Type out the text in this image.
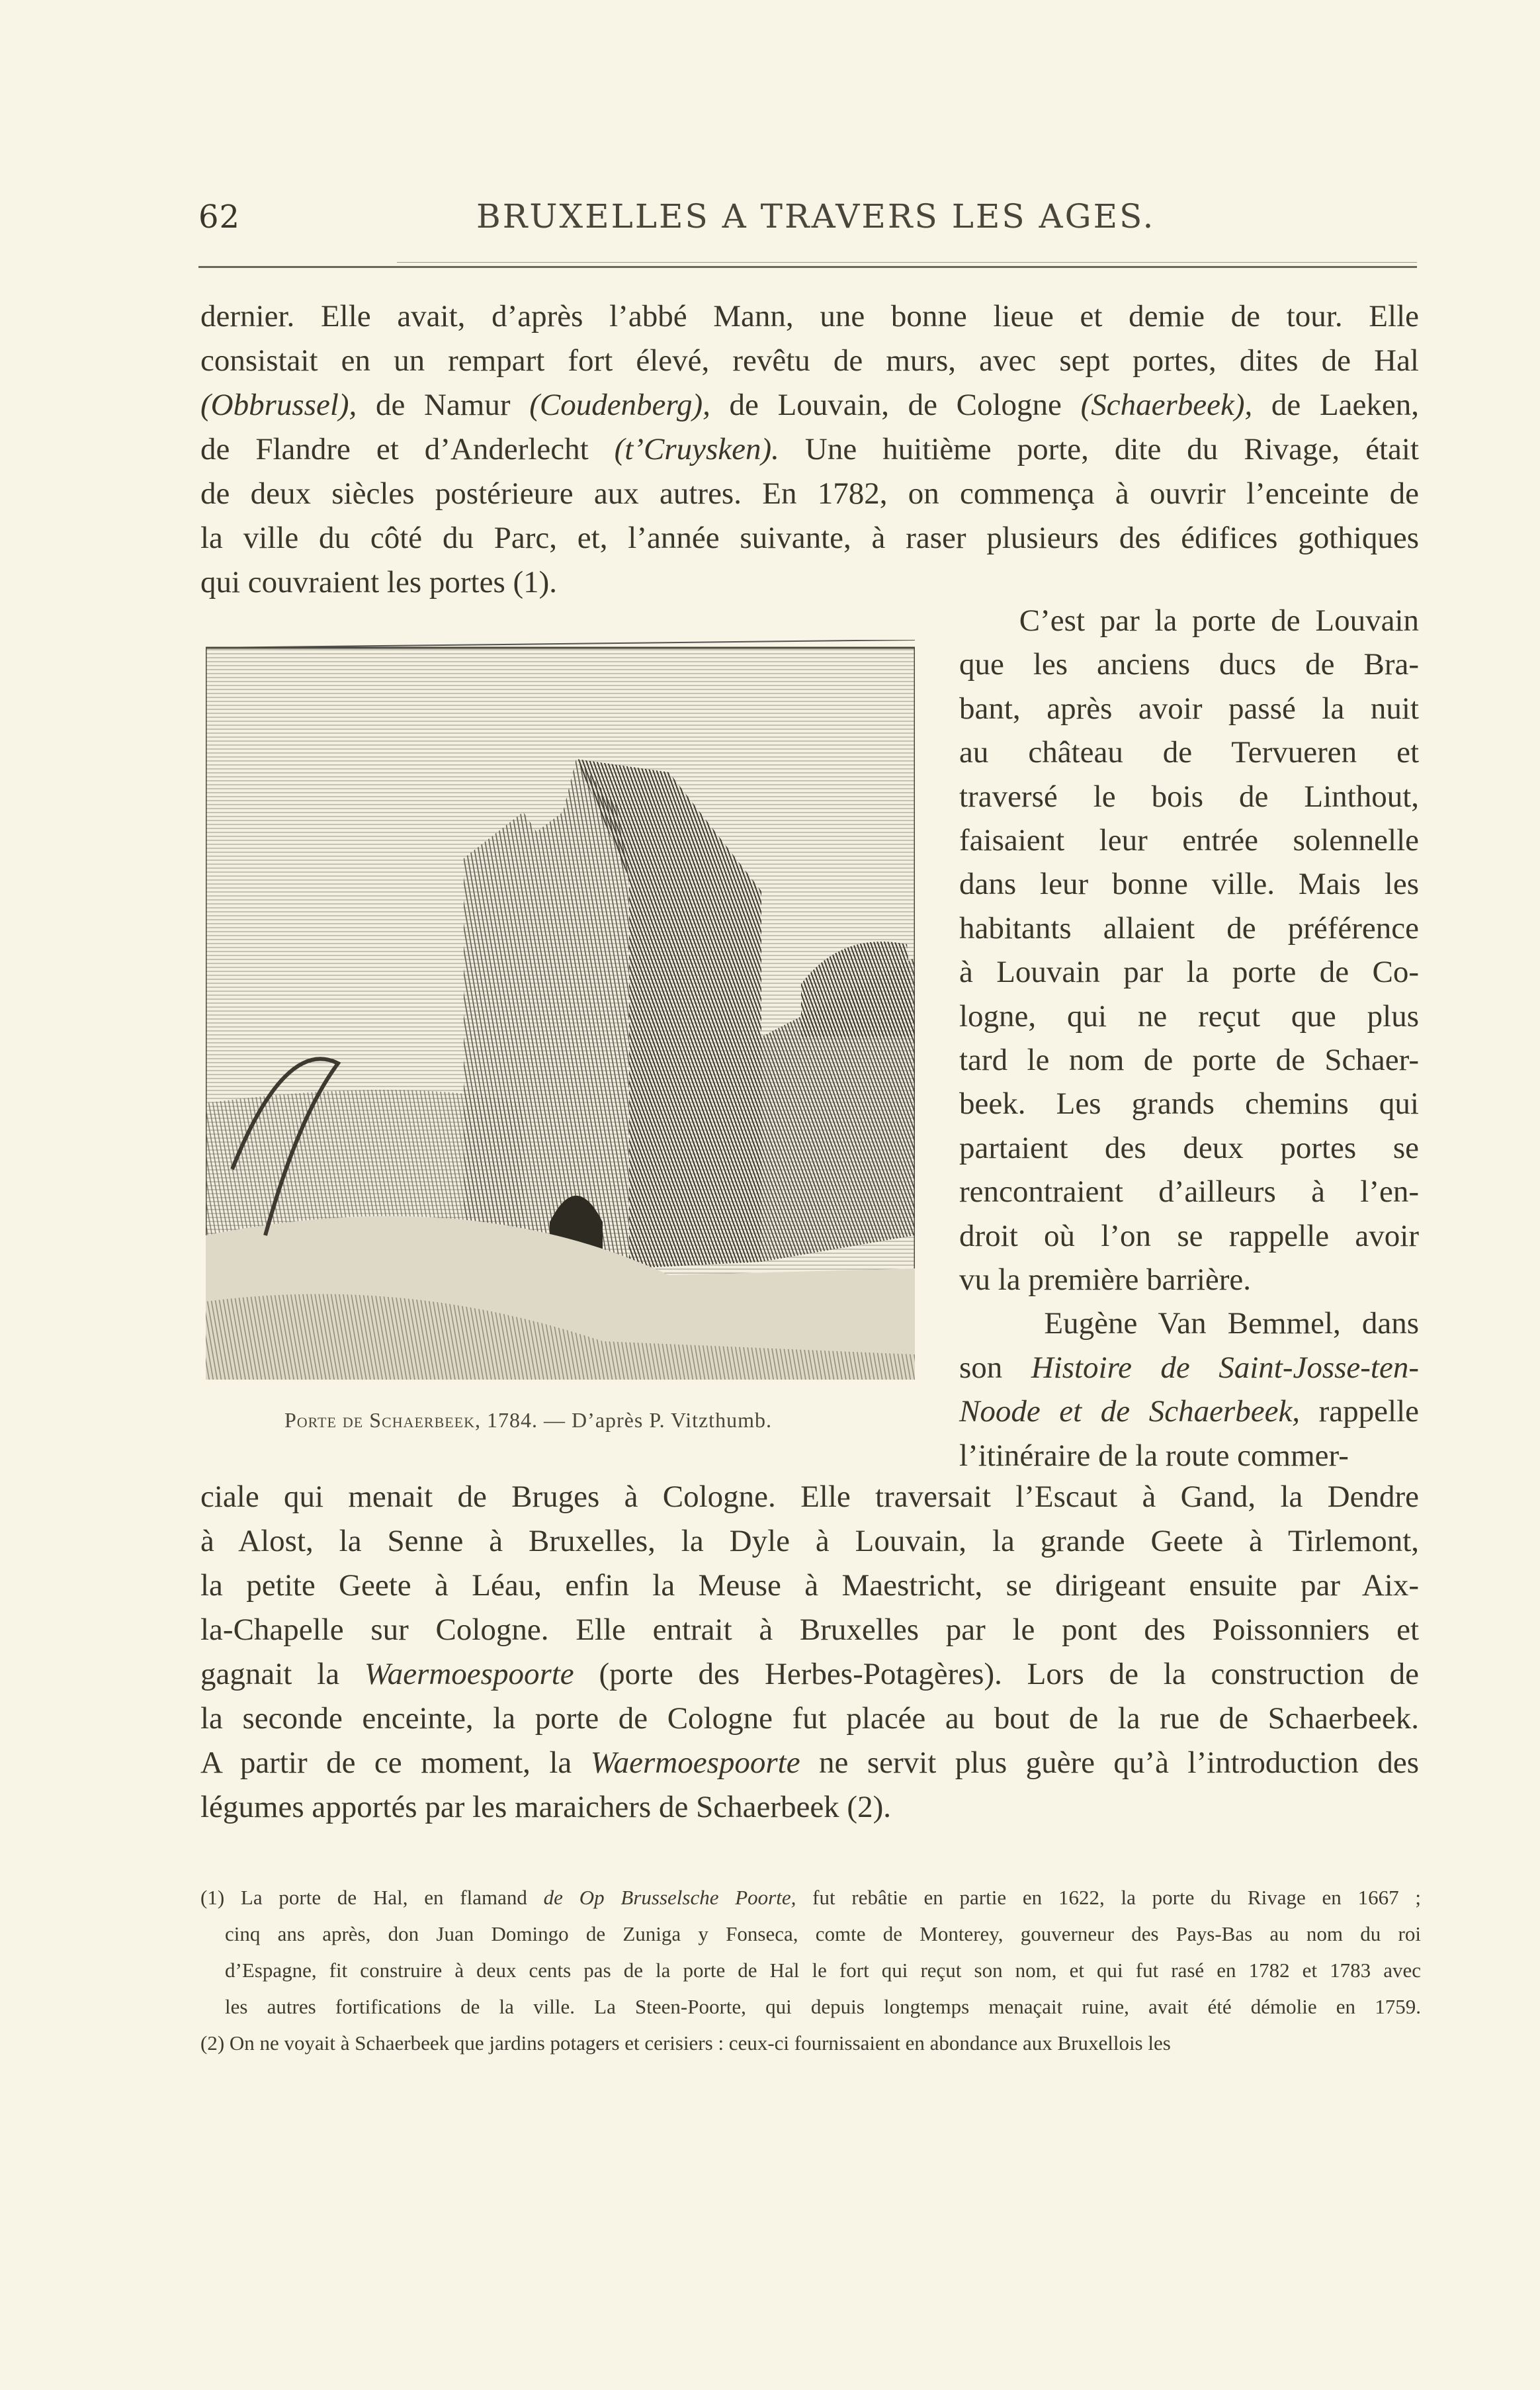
62	BRUXELLES A TRAVERS LES AGES.
dernier. Elle avait, d’après l’abbé Mann, une bonne lieue et demie de tour. Elle
consistait en un rempart fort élevé, revêtu de murs, avec sept portes, dites de Hal
(Obbrussel), de Namur (Coudenberg), de Louvain, de Cologne (Schaerbeek), de Laeken,
de Flandre et d’Anderlecht (t’Cruysken). Une huitième porte, dite du Rivage, était
de deux siècles postérieure aux autres. En 1782, on commença à ouvrir l’enceinte de
la ville du côté du Parc, et, l’année suivante, à raser plusieurs des édifices gothiques
qui couvraient les portes (1).
C’est par la porte de Louvain
que les anciens ducs de Bra-
bant, après avoir passé la nuit
au château de Tervueren et
traversé le bois de Linthout,
faisaient leur entrée solennelle
dans leur bonne ville. Mais les
habitants allaient de préférence
à Louvain par la porte de Co-
logne, qui ne reçut que plus
tard le nom de porte de Schaer-
beek. Les grands chemins qui
partaient des deux portes se
rencontraient d’ailleurs à l’en-
droit où l’on se rappelle avoir
vu la première barrière.
Eugène Van Bemmel, dans
son Histoire de Saint-Josse-ten-
Noode et de Schaerbeek, rappelle
l’itinéraire de la route commer-
ciale qui menait de Bruges à Cologne. Elle traversait l’Escaut à Gand, la Dendre
à Alost, la Senne à Bruxelles, la Dyle à Louvain, la grande Geete à Tirlemont,
la petite Geete à Léau, enfin la Meuse à Maestricht, se dirigeant ensuite par Aix-
la-Chapelle sur Cologne. Elle entrait à Bruxelles par le pont des Poissonniers et
gagnait la Waermoespoorte (porte des Herbes-Potagères). Lors de la construction de
la seconde enceinte, la porte de Cologne fut placée au bout de la rue de Schaerbeek.
A partir de ce moment, la Waermoespoorte ne servit plus guère qu’à l’introduction des
légumes apportés par les maraichers de Schaerbeek (2).
(1) La porte de Hal, en flamand de Op Brusselsche Poorte, fut rebâtie en partie en 1622, la porte du Rivage en 1667 ;
cinq ans après, don Juan Domingo de Zuniga y Fonseca, comte de Monterey, gouverneur des Pays-Bas au nom du roi
d’Espagne, fit construire à deux cents pas de la porte de Hal le fort qui reçut son nom, et qui fut rasé en 1782 et 1783 avec
les autres fortifications de la ville. La Steen-Poorte, qui depuis longtemps menaçait ruine, avait été démolie en 1759.
(2) On ne voyait à Schaerbeek que jardins potagers et cerisiers : ceux-ci fournissaient en abondance aux Bruxellois les
Porte de Schaerbeek, 1784. — D’après P. Vitzthumb.
